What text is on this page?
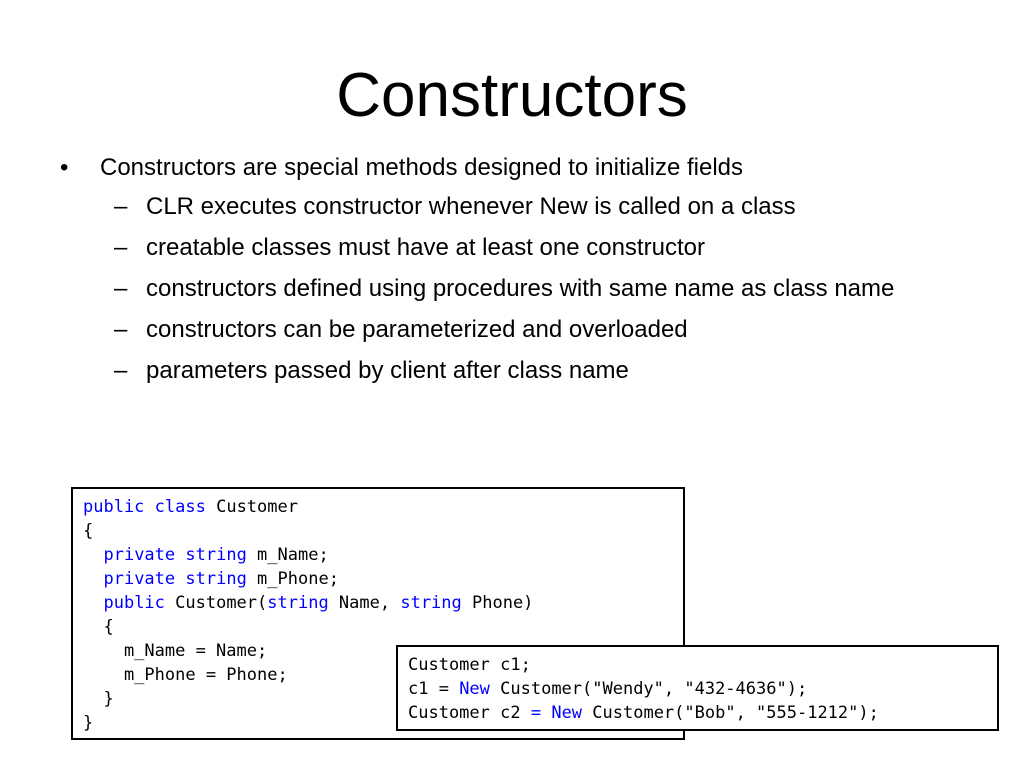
Constructors
• Constructors are special methods designed to initialize fields
– CLR executes constructor whenever New is called on a class
– creatable classes must have at least one constructor
– constructors defined using procedures with same name as class name
– constructors can be parameterized and overloaded
– parameters passed by client after class name
public class Customer
{
private string m_Name;
private string m_Phone;
public Customer(string Name, string Phone)
{
m_Name = Name;
m_Phone = Phone;
}
}
Customer c1;
c1 = New Customer("Wendy", "432-4636");
Customer c2 = New Customer("Bob", "555-1212");
